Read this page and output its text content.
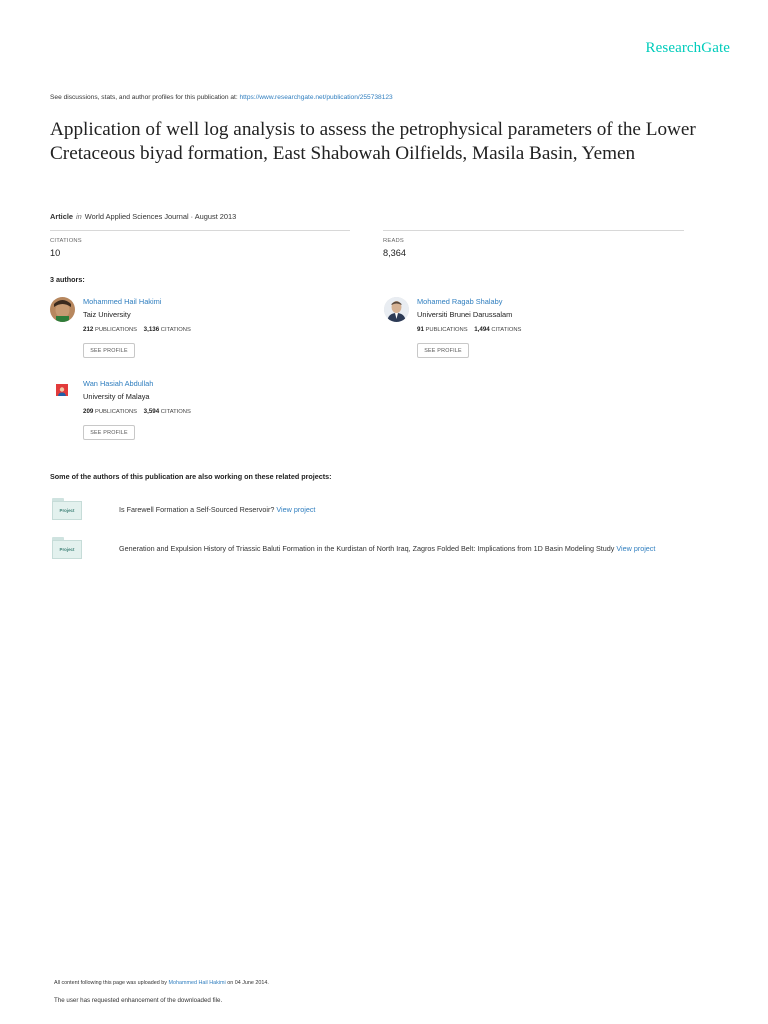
ResearchGate
See discussions, stats, and author profiles for this publication at: https://www.researchgate.net/publication/255738123
Application of well log analysis to assess the petrophysical parameters of the Lower Cretaceous biyad formation, East Shabowah Oilfields, Masila Basin, Yemen
Article in World Applied Sciences Journal · August 2013
CITATIONS
10
READS
8,364
3 authors:
Mohammed Hail Hakimi
Taiz University
212 PUBLICATIONS 3,136 CITATIONS
SEE PROFILE
Mohamed Ragab Shalaby
Universiti Brunei Darussalam
91 PUBLICATIONS 1,494 CITATIONS
SEE PROFILE
Wan Hasiah Abdullah
University of Malaya
209 PUBLICATIONS 3,594 CITATIONS
SEE PROFILE
Some of the authors of this publication are also working on these related projects:
Project	Is Farewell Formation a Self-Sourced Reservoir? View project
Project	Generation and Expulsion History of Triassic Baluti Formation in the Kurdistan of North Iraq, Zagros Folded Belt: Implications from 1D Basin Modeling Study View project
All content following this page was uploaded by Mohammed Hail Hakimi on 04 June 2014.
The user has requested enhancement of the downloaded file.
